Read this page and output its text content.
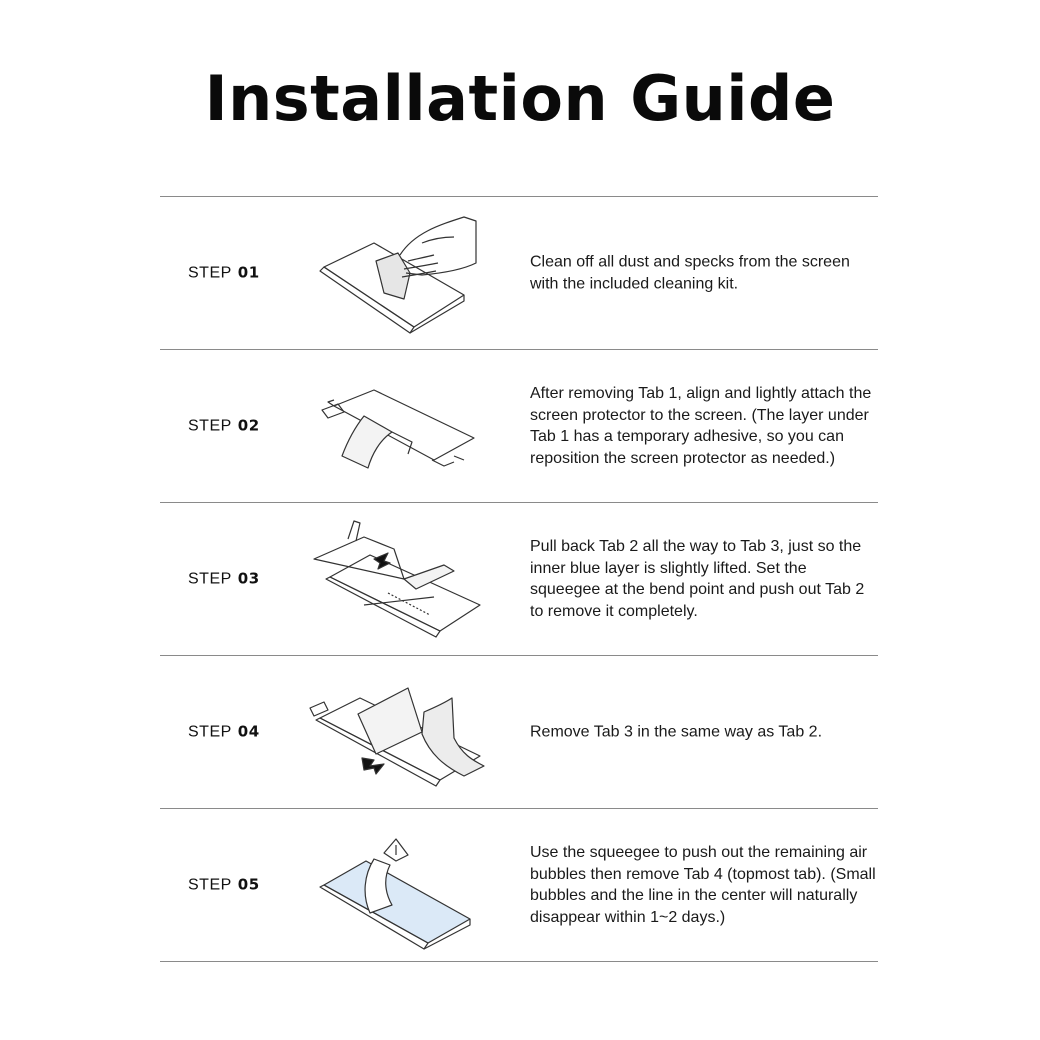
Installation Guide
STEP 01
Clean off all dust and specks from the screen with the included cleaning kit.
STEP 02
After removing Tab 1, align and lightly attach the screen protector to the screen. (The layer under Tab 1 has a temporary adhesive, so you can reposition the screen protector as needed.)
STEP 03
Pull back Tab 2 all the way to Tab 3, just so the inner blue layer is slightly lifted. Set the squeegee at the bend point and push out Tab 2 to remove it completely.
STEP 04	Remove Tab 3 in the same way as Tab 2.
STEP 05
Use the squeegee to push out the remaining air bubbles then remove Tab 4 (topmost tab). (Small bubbles and the line in the center will naturally disappear within 1~2 days.)
